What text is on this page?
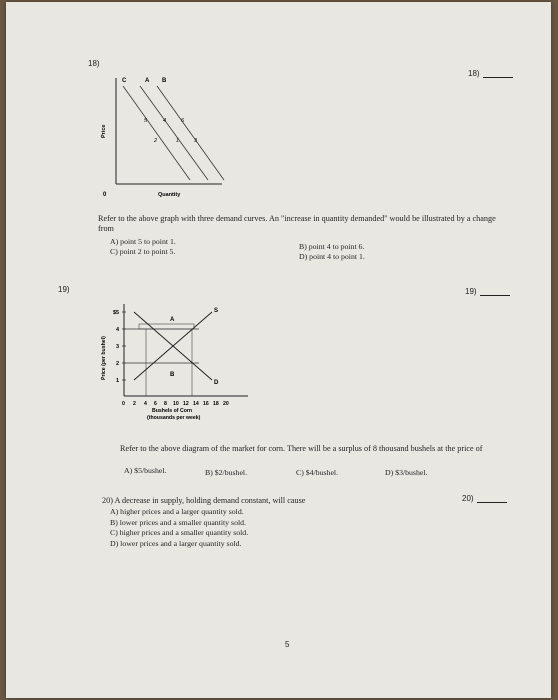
18)
18)
C	A B
5	4	6
2	1	3
Price
0	Quantity
Refer to the above graph with three demand curves. An "increase in quantity demanded" would be illustrated by a change from
A) point 5 to point 1.
B) point 4 to point 6.
C) point 2 to point 5.
D) point 4 to point 1.
19)	19)
A
S
B
D
$5
4
3
2
1
Price (per bushel)
0 2 4 6 8 10 12 14 16 18 20
Bushels of Corn
(thousands per week)
Refer to the above diagram of the market for corn. There will be a surplus of 8 thousand bushels at the price of
A) $5/bushel.	B) $2/bushel.	C) $4/bushel.	D) $3/bushel.
20) A decrease in supply, holding demand constant, will cause	20)
A) higher prices and a larger quantity sold.
B) lower prices and a smaller quantity sold.
C) higher prices and a smaller quantity sold.
D) lower prices and a larger quantity sold.
5
